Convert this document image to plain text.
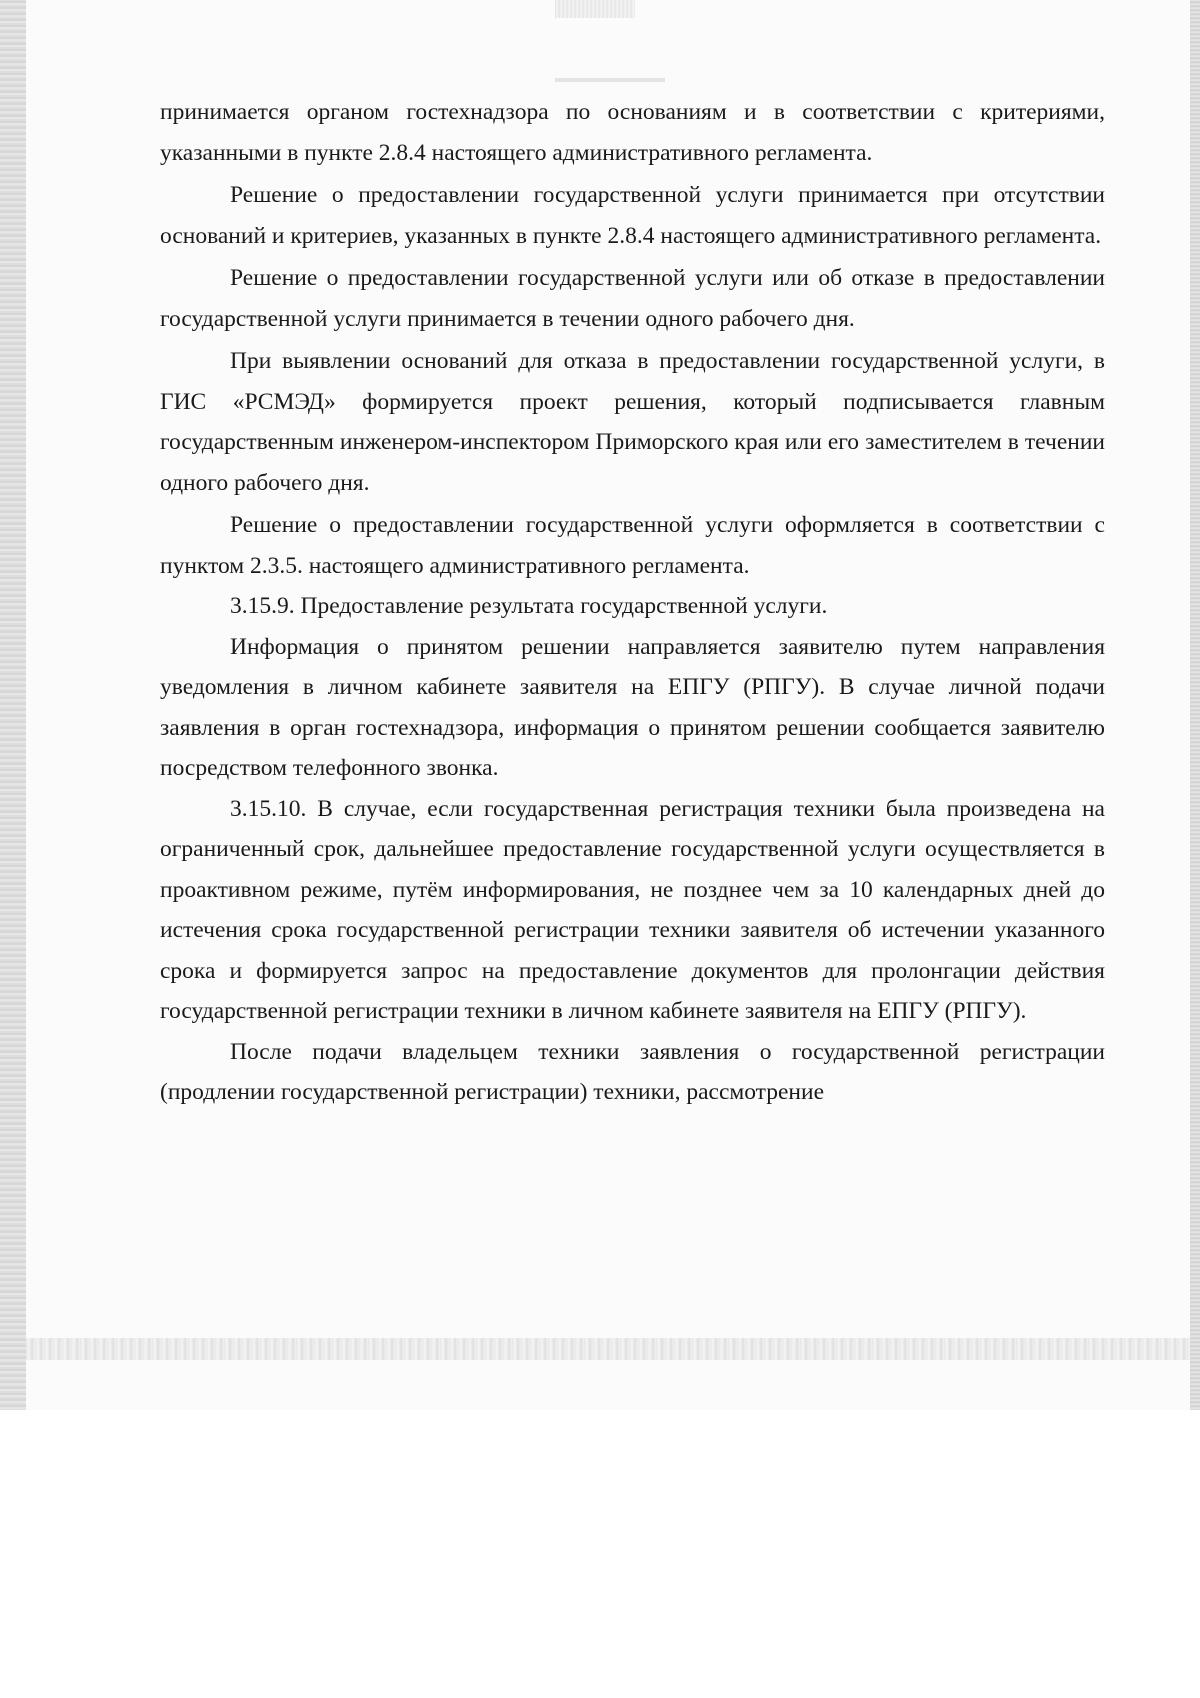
принимается органом гостехнадзора по основаниям и в соответствии с критериями, указанными в пункте 2.8.4 настоящего административного регламента.

Решение о предоставлении государственной услуги принимается при отсутствии оснований и критериев, указанных в пункте 2.8.4 настоящего административного регламента.

Решение о предоставлении государственной услуги или об отказе в предоставлении государственной услуги принимается в течении одного рабочего дня.

При выявлении оснований для отказа в предоставлении государственной услуги, в ГИС «РСМЭД» формируется проект решения, который подписывается главным государственным инженером-инспектором Приморского края или его заместителем в течении одного рабочего дня.

Решение о предоставлении государственной услуги оформляется в соответствии с пунктом 2.3.5. настоящего административного регламента.

3.15.9. Предоставление результата государственной услуги.

Информация о принятом решении направляется заявителю путем направления уведомления в личном кабинете заявителя на ЕПГУ (РПГУ). В случае личной подачи заявления в орган гостехнадзора, информация о принятом решении сообщается заявителю посредством телефонного звонка.

3.15.10. В случае, если государственная регистрация техники была произведена на ограниченный срок, дальнейшее предоставление государственной услуги осуществляется в проактивном режиме, путём информирования, не позднее чем за 10 календарных дней до истечения срока государственной регистрации техники заявителя об истечении указанного срока и формируется запрос на предоставление документов для пролонгации действия государственной регистрации техники в личном кабинете заявителя на ЕПГУ (РПГУ).

После подачи владельцем техники заявления о государственной регистрации (продлении государственной регистрации) техники, рассмотрение
